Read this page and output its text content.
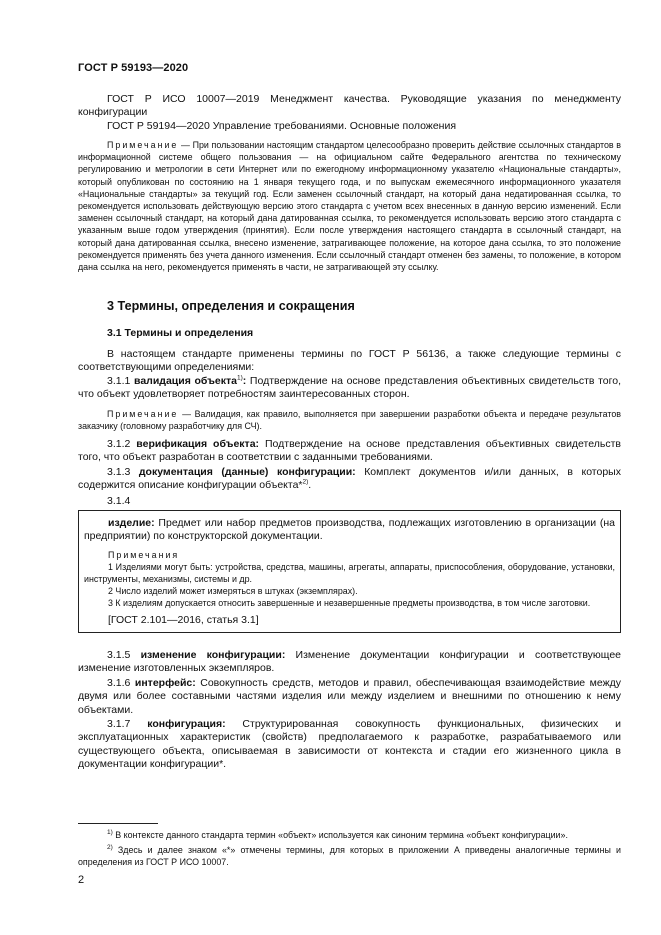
ГОСТ Р 59193—2020

ГОСТ Р ИСО 10007—2019 Менеджмент качества. Руководящие указания по менеджменту конфигурации

ГОСТ Р 59194—2020 Управление требованиями. Основные положения

Примечание — При пользовании настоящим стандартом целесообразно проверить действие ссылочных стандартов в информационной системе общего пользования — на официальном сайте Федерального агентства по техническому регулированию и метрологии в сети Интернет или по ежегодному информационному указателю «Национальные стандарты», который опубликован по состоянию на 1 января текущего года, и по выпускам ежемесячного информационного указателя «Национальные стандарты» за текущий год. Если заменен ссылочный стандарт, на который дана недатированная ссылка, то рекомендуется использовать действующую версию этого стандарта с учетом всех внесенных в данную версию изменений. Если заменен ссылочный стандарт, на который дана датированная ссылка, то рекомендуется использовать версию этого стандарта с указанным выше годом утверждения (принятия). Если после утверждения настоящего стандарта в ссылочный стандарт, на который дана датированная ссылка, внесено изменение, затрагивающее положение, на которое дана ссылка, то это положение рекомендуется применять без учета данного изменения. Если ссылочный стандарт отменен без замены, то положение, в котором дана ссылка на него, рекомендуется применять в части, не затрагивающей эту ссылку.

3 Термины, определения и сокращения

3.1 Термины и определения

В настоящем стандарте применены термины по ГОСТ Р 56136, а также следующие термины с соответствующими определениями:

3.1.1 валидация объекта$^{1)}$: Подтверждение на основе представления объективных свидетельств того, что объект удовлетворяет потребностям заинтересованных сторон.

Примечание — Валидация, как правило, выполняется при завершении разработки объекта и передаче результатов заказчику (головному разработчику для СЧ).

3.1.2 верификация объекта: Подтверждение на основе представления объективных свидетельств того, что объект разработан в соответствии с заданными требованиями.

3.1.3 документация (данные) конфигурации: Комплект документов и/или данных, в которых содержится описание конфигурации объекта*$^{2)}$.

3.1.4

изделие: Предмет или набор предметов производства, подлежащих изготовлению в организации (на предприятии) по конструкторской документации.

Примечания

1 Изделиями могут быть: устройства, средства, машины, агрегаты, аппараты, приспособления, оборудование, установки, инструменты, механизмы, системы и др.

2 Число изделий может измеряться в штуках (экземплярах).

3 К изделиям допускается относить завершенные и незавершенные предметы производства, в том числе заготовки.

[ГОСТ 2.101—2016, статья 3.1]

3.1.5 изменение конфигурации: Изменение документации конфигурации и соответствующее изменение изготовленных экземпляров.

3.1.6 интерфейс: Совокупность средств, методов и правил, обеспечивающая взаимодействие между двумя или более составными частями изделия или между изделием и внешними по отношению к нему объектами.

3.1.7 конфигурация: Структурированная совокупность функциональных, физических и эксплуатационных характеристик (свойств) предполагаемого к разработке, разрабатываемого или существующего объекта, описываемая в зависимости от контекста и стадии его жизненного цикла в документации конфигурации*.

$^{1)}$ В контексте данного стандарта термин «объект» используется как синоним термина «объект конфигурации».

$^{2)}$ Здесь и далее знаком «*» отмечены термины, для которых в приложении А приведены аналогичные термины и определения из ГОСТ Р ИСО 10007.

2
